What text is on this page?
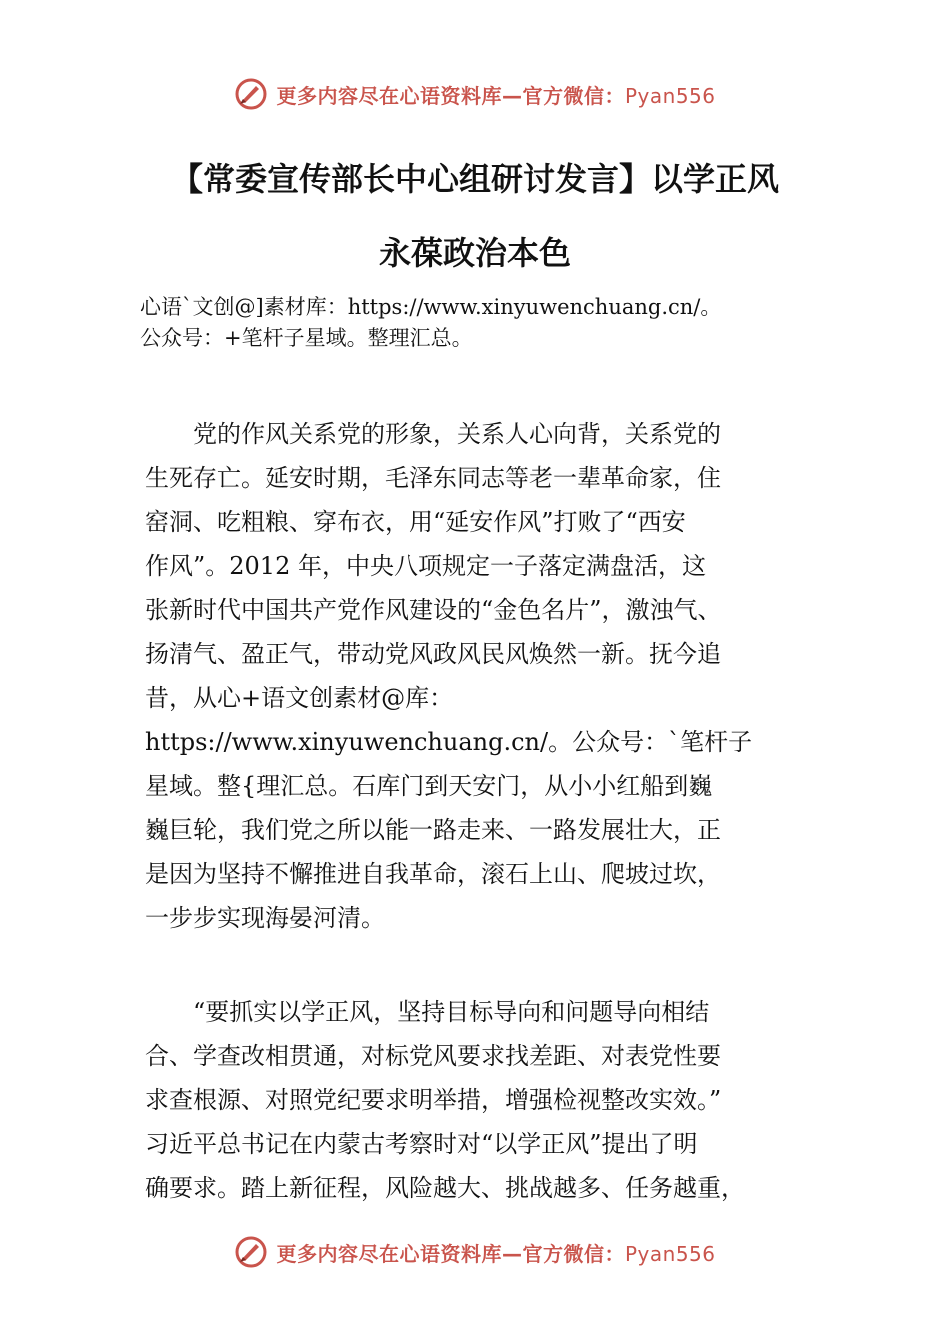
更多内容尽在心语资料库—官方微信：Pyan556
【常委宣传部长中心组研讨发言】以学正风
永葆政治本色
心语`文创@]素材库：https://www.xinyuwenchuang.cn/。
公众号：+笔杆子星域。整理汇总。
党的作风关系党的形象，关系人心向背，关系党的
生死存亡。延安时期，毛泽东同志等老一辈革命家，住
窑洞、吃粗粮、穿布衣，用“延安作风”打败了“西安
作风”。2012 年，中央八项规定一子落定满盘活，这
张新时代中国共产党作风建设的“金色名片”，激浊气、
扬清气、盈正气，带动党风政风民风焕然一新。抚今追
昔，从心+语文创素材@库：
https://www.xinyuwenchuang.cn/。公众号：`笔杆子
星域。整{理汇总。石库门到天安门，从小小红船到巍
巍巨轮，我们党之所以能一路走来、一路发展壮大，正
是因为坚持不懈推进自我革命，滚石上山、爬坡过坎，
一步步实现海晏河清。
“要抓实以学正风，坚持目标导向和问题导向相结
合、学查改相贯通，对标党风要求找差距、对表党性要
求查根源、对照党纪要求明举措，增强检视整改实效。”
习近平总书记在内蒙古考察时对“以学正风”提出了明
确要求。踏上新征程，风险越大、挑战越多、任务越重，
更多内容尽在心语资料库—官方微信：Pyan556
